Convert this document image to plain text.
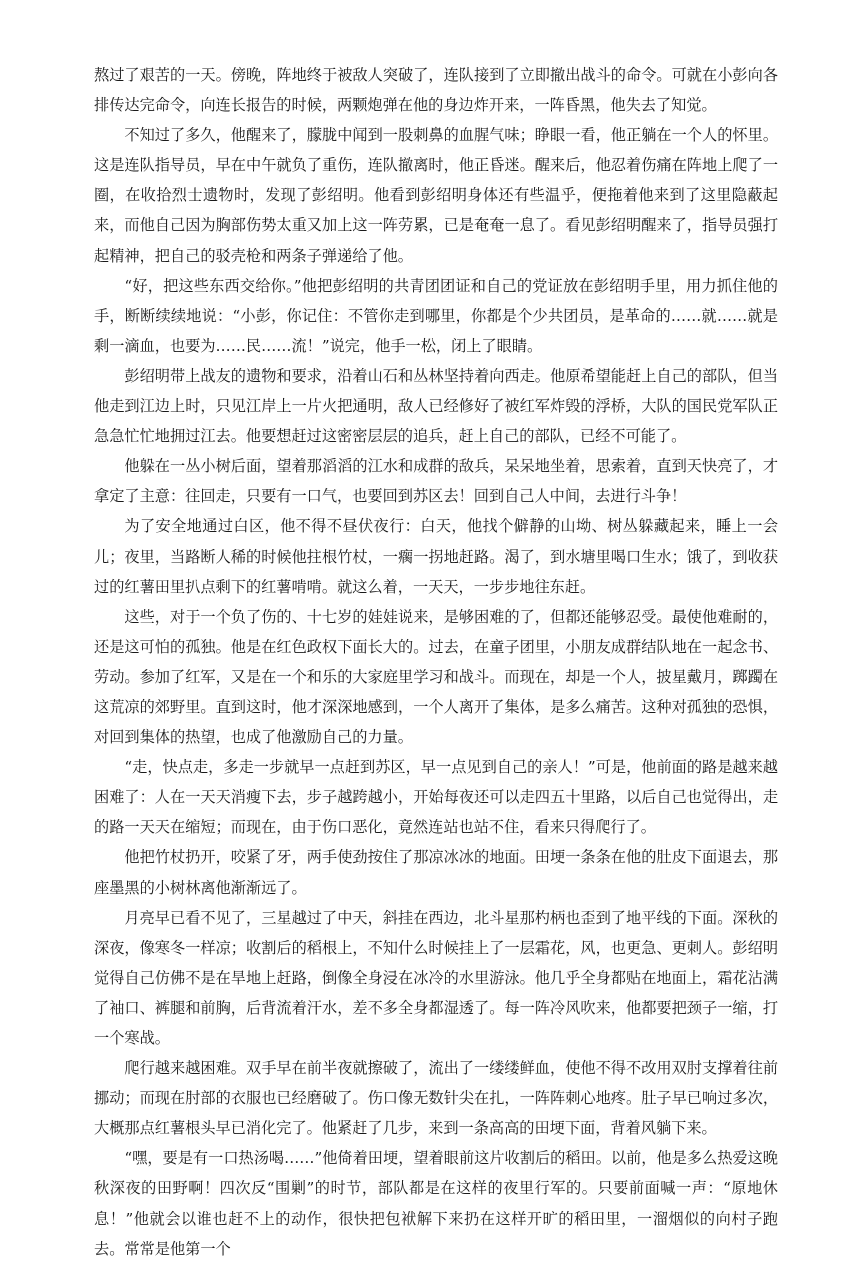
熬过了艰苦的一天。傍晚，阵地终于被敌人突破了，连队接到了立即撤出战斗的命令。可就在小彭向各排传达完命令，向连长报告的时候，两颗炮弹在他的身边炸开来，一阵昏黑，他失去了知觉。

不知过了多久，他醒来了，朦胧中闻到一股刺鼻的血腥气味；睁眼一看，他正躺在一个人的怀里。这是连队指导员，早在中午就负了重伤，连队撤离时，他正昏迷。醒来后，他忍着伤痛在阵地上爬了一圈，在收拾烈士遗物时，发现了彭绍明。他看到彭绍明身体还有些温乎，便拖着他来到了这里隐蔽起来，而他自己因为胸部伤势太重又加上这一阵劳累，已是奄奄一息了。看见彭绍明醒来了，指导员强打起精神，把自己的驳壳枪和两条子弹递给了他。

“好，把这些东西交给你。”他把彭绍明的共青团团证和自己的党证放在彭绍明手里，用力抓住他的手，断断续续地说：“小彭，你记住：不管你走到哪里，你都是个少共团员，是革命的……就……就是剩一滴血，也要为……民……流！”说完，他手一松，闭上了眼睛。

彭绍明带上战友的遗物和要求，沿着山石和丛林坚持着向西走。他原希望能赶上自己的部队，但当他走到江边上时，只见江岸上一片火把通明，敌人已经修好了被红军炸毁的浮桥，大队的国民党军队正急急忙忙地拥过江去。他要想赶过这密密层层的追兵，赶上自己的部队，已经不可能了。

他躲在一丛小树后面，望着那滔滔的江水和成群的敌兵，呆呆地坐着，思索着，直到天快亮了，才拿定了主意：往回走，只要有一口气，也要回到苏区去！回到自己人中间，去进行斗争！

为了安全地通过白区，他不得不昼伏夜行：白天，他找个僻静的山坳、树丛躲藏起来，睡上一会儿；夜里，当路断人稀的时候他拄根竹杖，一瘸一拐地赶路。渴了，到水塘里喝口生水；饿了，到收获过的红薯田里扒点剩下的红薯啃啃。就这么着，一天天，一步步地往东赶。

这些，对于一个负了伤的、十七岁的娃娃说来，是够困难的了，但都还能够忍受。最使他难耐的，还是这可怕的孤独。他是在红色政权下面长大的。过去，在童子团里，小朋友成群结队地在一起念书、劳动。参加了红军，又是在一个和乐的大家庭里学习和战斗。而现在，却是一个人，披星戴月，踯躅在这荒凉的郊野里。直到这时，他才深深地感到，一个人离开了集体，是多么痛苦。这种对孤独的恐惧，对回到集体的热望，也成了他激励自己的力量。

“走，快点走，多走一步就早一点赶到苏区，早一点见到自己的亲人！”可是，他前面的路是越来越困难了：人在一天天消瘦下去，步子越跨越小，开始每夜还可以走四五十里路，以后自己也觉得出，走的路一天天在缩短；而现在，由于伤口恶化，竟然连站也站不住，看来只得爬行了。

他把竹杖扔开，咬紧了牙，两手使劲按住了那凉冰冰的地面。田埂一条条在他的肚皮下面退去，那座墨黑的小树林离他渐渐远了。

月亮早已看不见了，三星越过了中天，斜挂在西边，北斗星那杓柄也歪到了地平线的下面。深秋的深夜，像寒冬一样凉；收割后的稻根上，不知什么时候挂上了一层霜花，风，也更急、更刺人。彭绍明觉得自己仿佛不是在旱地上赶路，倒像全身浸在冰冷的水里游泳。他几乎全身都贴在地面上，霜花沾满了袖口、裤腿和前胸，后背流着汗水，差不多全身都湿透了。每一阵冷风吹来，他都要把颈子一缩，打一个寒战。

爬行越来越困难。双手早在前半夜就擦破了，流出了一缕缕鲜血，使他不得不改用双肘支撑着往前挪动；而现在肘部的衣服也已经磨破了。伤口像无数针尖在扎，一阵阵刺心地疼。肚子早已响过多次，大概那点红薯根头早已消化完了。他紧赶了几步，来到一条高高的田埂下面，背着风躺下来。

“嘿，要是有一口热汤喝……”他倚着田埂，望着眼前这片收割后的稻田。以前，他是多么热爱这晚秋深夜的田野啊！四次反“围剿”的时节，部队都是在这样的夜里行军的。只要前面喊一声：“原地休息！”他就会以谁也赶不上的动作，很快把包袱解下来扔在这样开旷的稻田里，一溜烟似的向村子跑去。常常是他第一个
